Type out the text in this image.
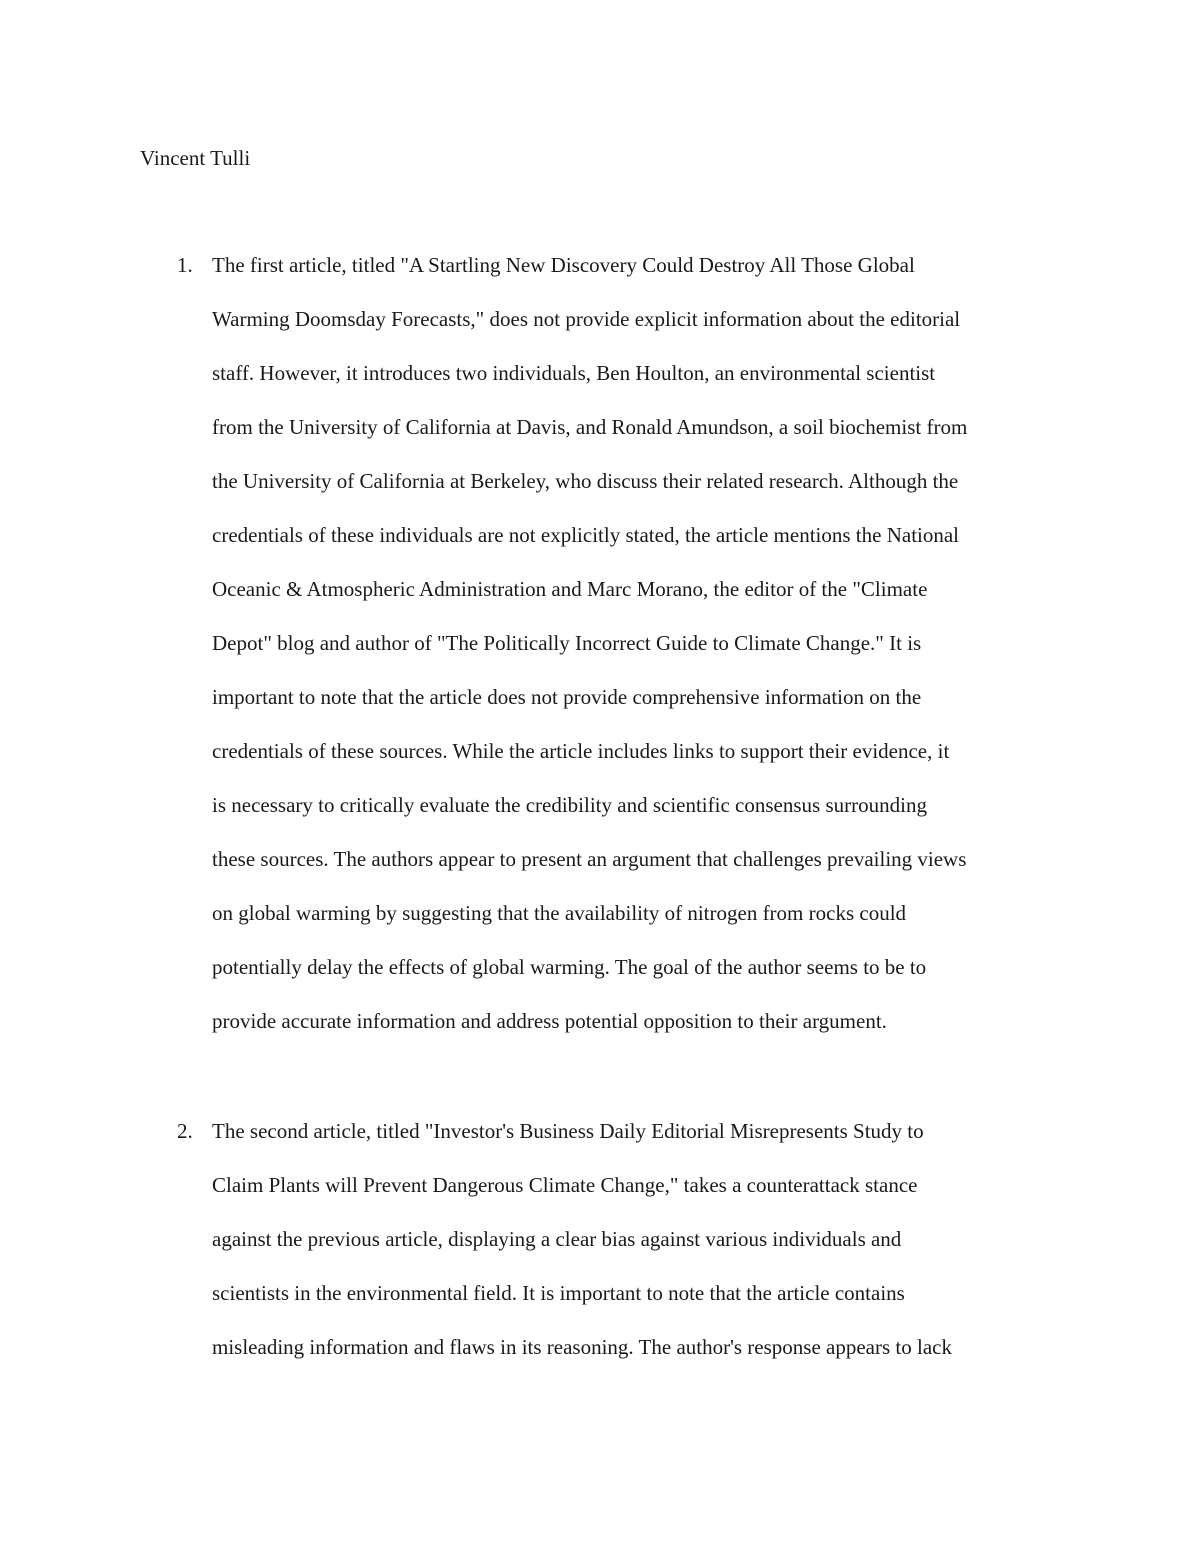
Vincent Tulli

1. The first article, titled "A Startling New Discovery Could Destroy All Those Global
Warming Doomsday Forecasts," does not provide explicit information about the editorial
staff. However, it introduces two individuals, Ben Houlton, an environmental scientist
from the University of California at Davis, and Ronald Amundson, a soil biochemist from
the University of California at Berkeley, who discuss their related research. Although the
credentials of these individuals are not explicitly stated, the article mentions the National
Oceanic & Atmospheric Administration and Marc Morano, the editor of the "Climate
Depot" blog and author of "The Politically Incorrect Guide to Climate Change." It is
important to note that the article does not provide comprehensive information on the
credentials of these sources. While the article includes links to support their evidence, it
is necessary to critically evaluate the credibility and scientific consensus surrounding
these sources. The authors appear to present an argument that challenges prevailing views
on global warming by suggesting that the availability of nitrogen from rocks could
potentially delay the effects of global warming. The goal of the author seems to be to
provide accurate information and address potential opposition to their argument.
2. The second article, titled "Investor's Business Daily Editorial Misrepresents Study to
Claim Plants will Prevent Dangerous Climate Change," takes a counterattack stance
against the previous article, displaying a clear bias against various individuals and
scientists in the environmental field. It is important to note that the article contains
misleading information and flaws in its reasoning. The author's response appears to lack
